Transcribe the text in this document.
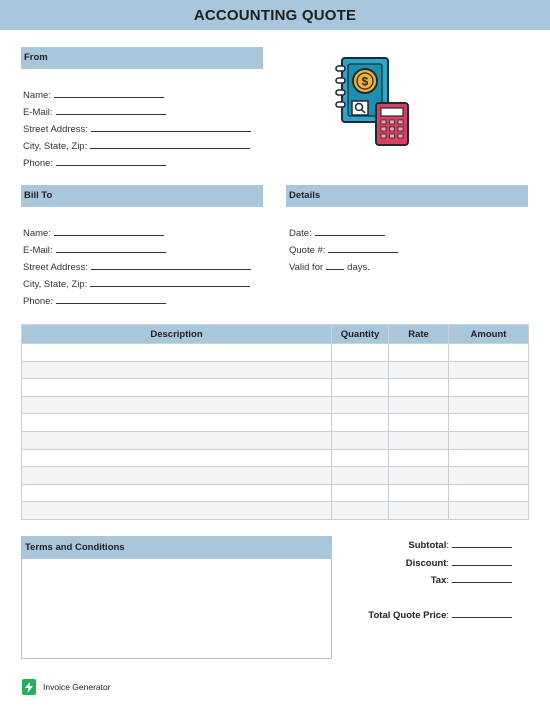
ACCOUNTING QUOTE
From
Name:
E-Mail:
Street Address:
City, State, Zip:
Phone:
$
Bill To
Name:
E-Mail:
Street Address:
City, State, Zip:
Phone:
Details
Date:
Quote #:
Valid for	days.
Description	Quantity	Rate	Amount

Terms and Conditions	Subtotal:
Discount:
Tax:
Total Quote Price:
Invoice Generator
